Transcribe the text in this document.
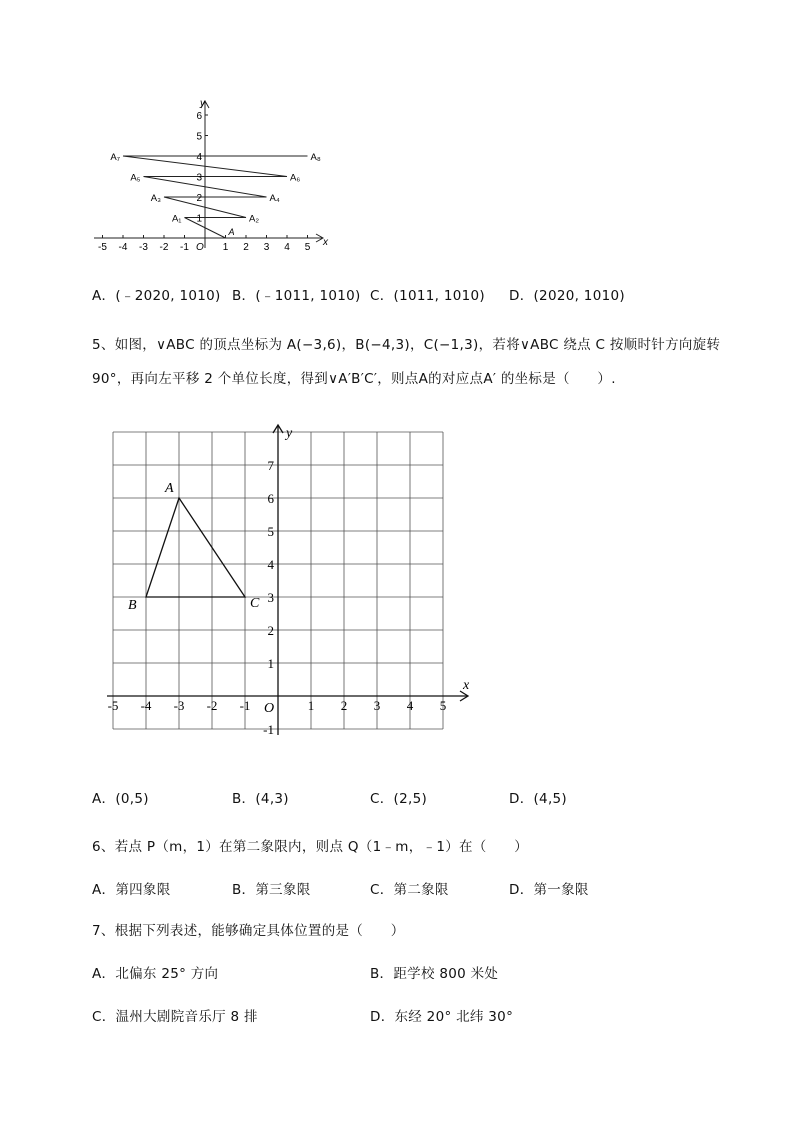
x
y
O
-5 -4 -3 -2 -1	1 2 3 4 5
1
2
3
4
5
6
A
A₁	A₂
A₃	A₄
A₅	A₆
A₇	A₈
A．(﹣2020, 1010) B．(﹣1011, 1010) C．(1011, 1010) D．(2020, 1010)
5、如图，∨ABC 的顶点坐标为 A(−3,6)，B(−4,3)，C(−1,3)，若将∨ABC 绕点 C 按顺时针方向旋转
90°，再向左平移 2 个单位长度，得到∨A′B′C′，则点A的对应点A′ 的坐标是（　　）.
x
y
O
-5 -4 -3 -2 -1	1 2 3 4 5
-1
1
2
3
4
5
6
7
A
B	C
A．(0,5)	B．(4,3)	C．(2,5)	D．(4,5)
6、若点 P（m，1）在第二象限内，则点 Q（1﹣m，﹣1）在（　　）
A．第四象限	B．第三象限	C．第二象限	D．第一象限
7、根据下列表述，能够确定具体位置的是（　　）
A．北偏东 25° 方向	B．距学校 800 米处
C．温州大剧院音乐厅 8 排	D．东经 20° 北纬 30°
